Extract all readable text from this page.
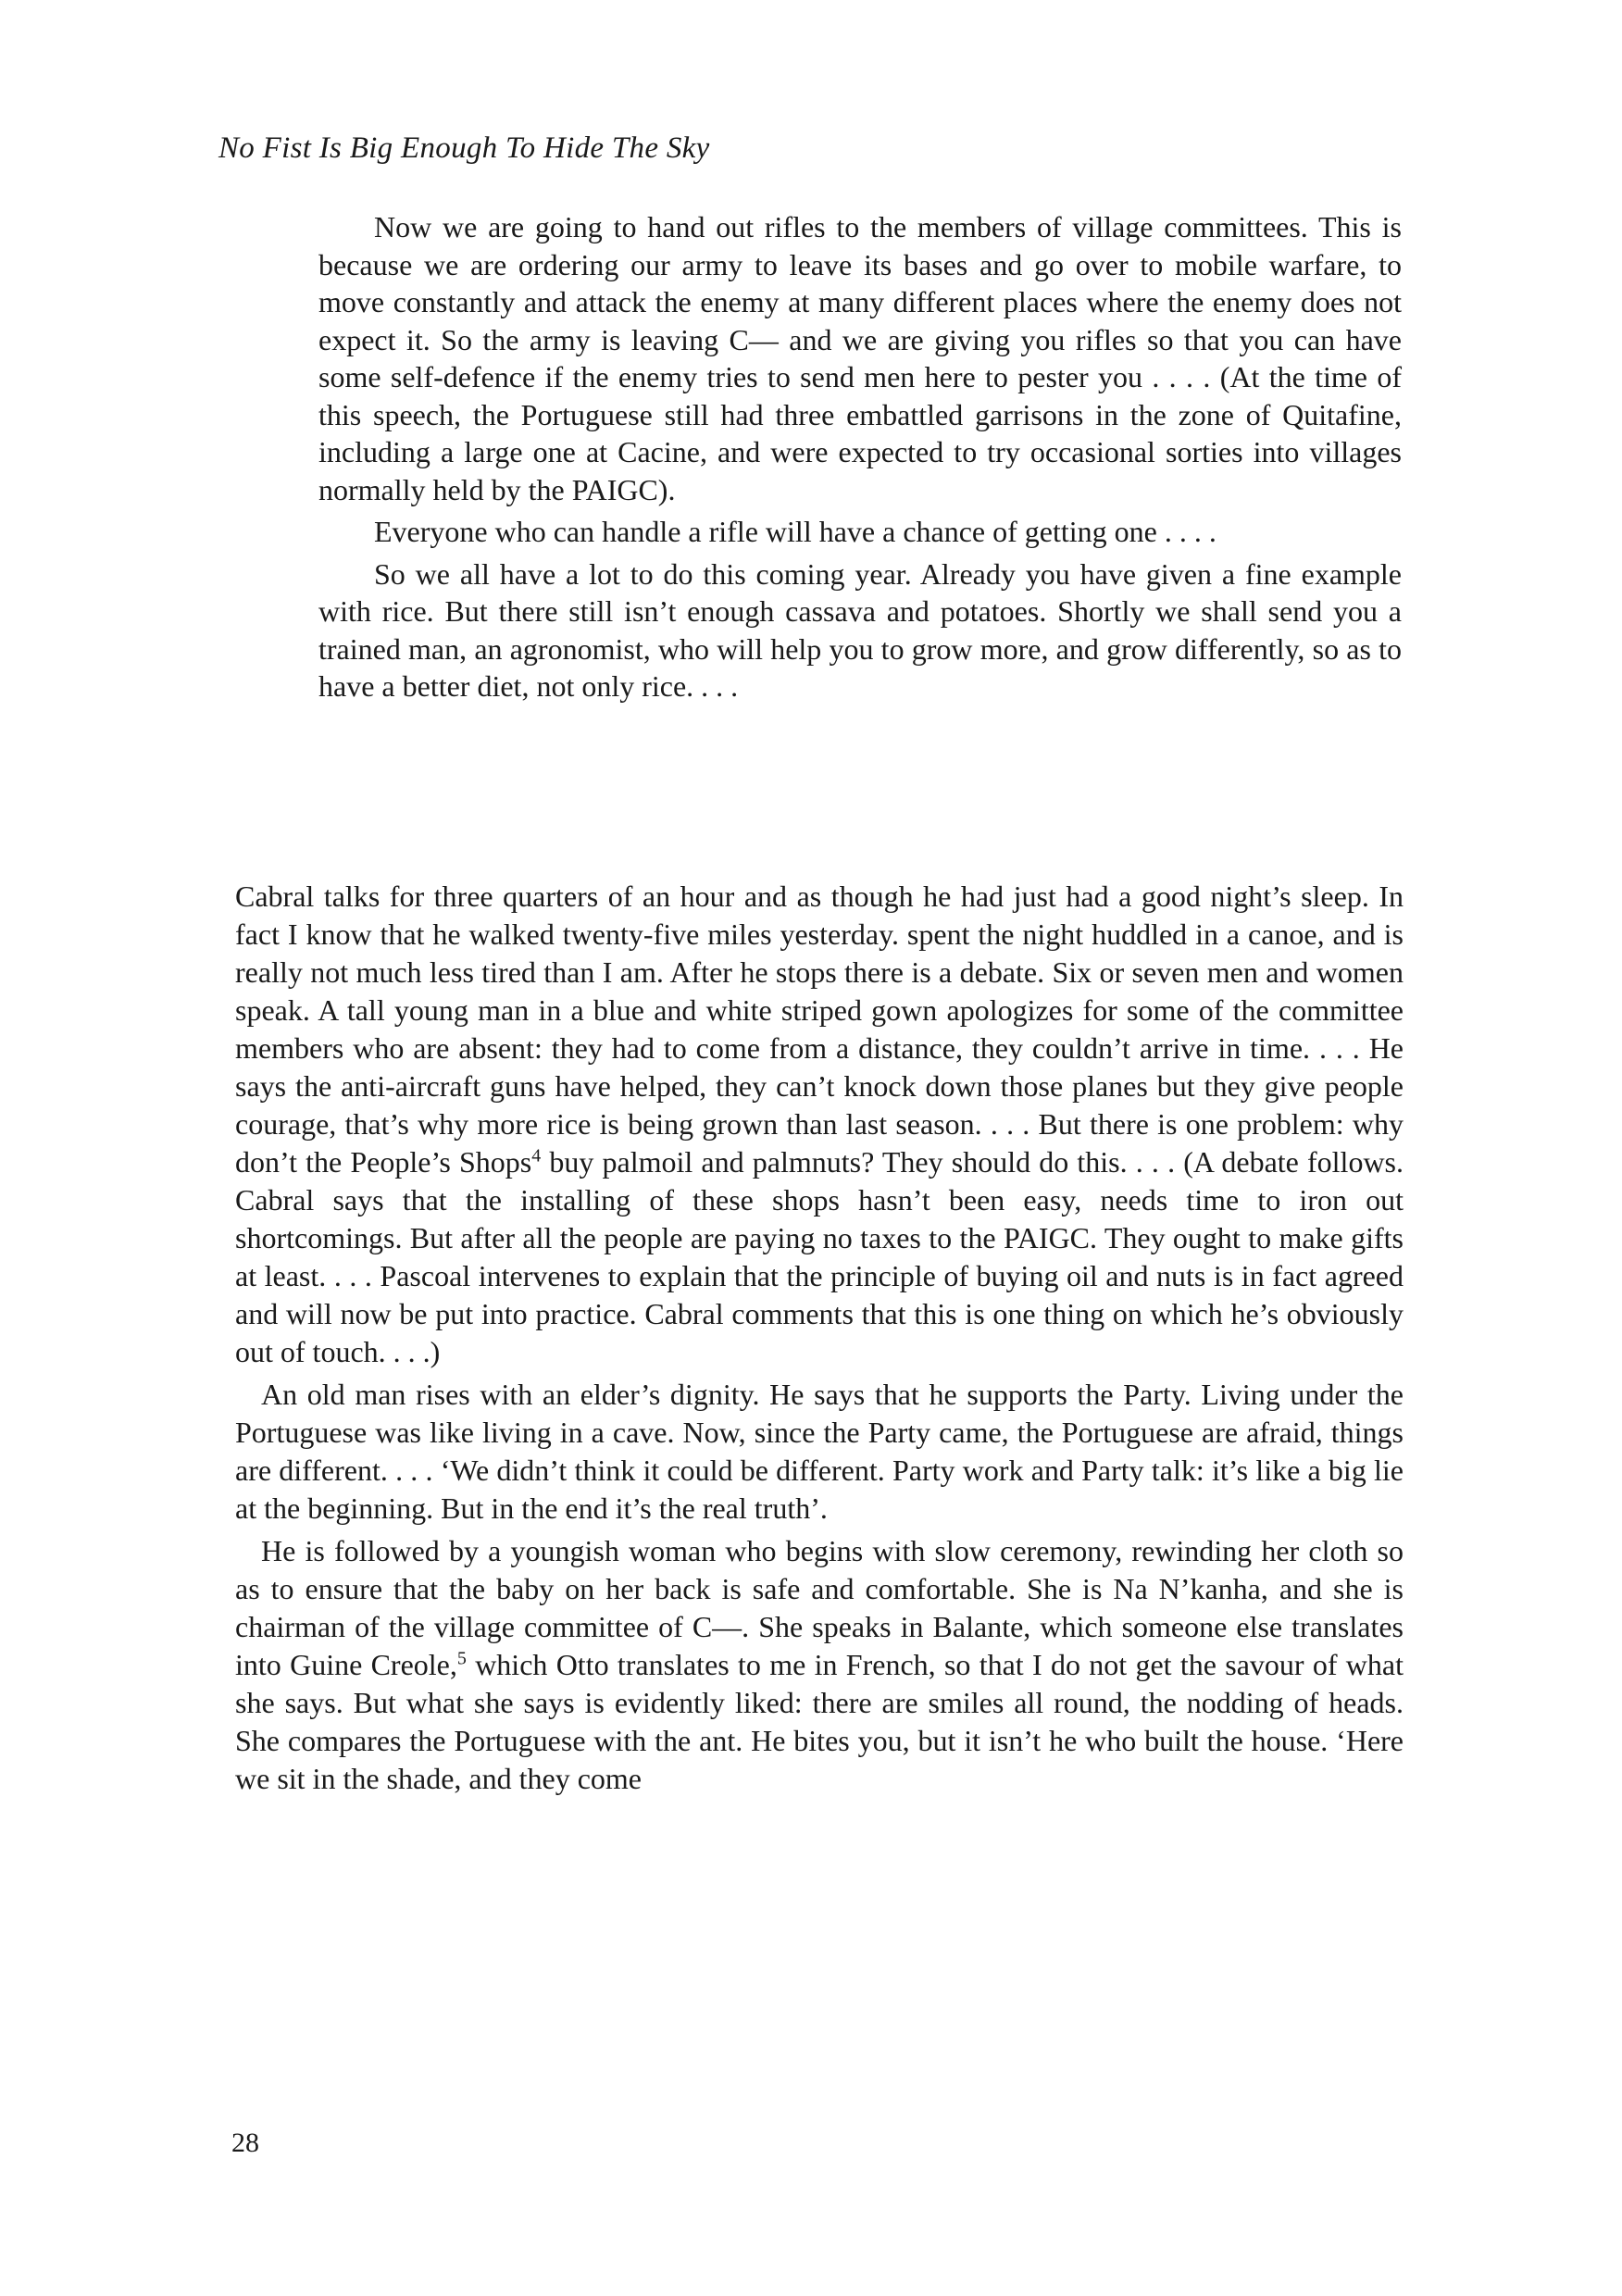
No Fist Is Big Enough To Hide The Sky

Now we are going to hand out rifles to the members of village committees. This is because we are ordering our army to leave its bases and go over to mobile warfare, to move constantly and attack the enemy at many different places where the enemy does not expect it. So the army is leaving C— and we are giving you rifles so that you can have some self-defence if the enemy tries to send men here to pester you . . . . (At the time of this speech, the Portuguese still had three embattled garrisons in the zone of Quitafine, including a large one at Cacine, and were expected to try occasional sorties into villages normally held by the PAIGC).

Everyone who can handle a rifle will have a chance of getting one . . . .

So we all have a lot to do this coming year. Already you have given a fine example with rice. But there still isn’t enough cassava and potatoes. Shortly we shall send you a trained man, an agronomist, who will help you to grow more, and grow differently, so as to have a better diet, not only rice. . . .

Cabral talks for three quarters of an hour and as though he had just had a good night’s sleep. In fact I know that he walked twenty-five miles yesterday. spent the night huddled in a canoe, and is really not much less tired than I am. After he stops there is a debate. Six or seven men and women speak. A tall young man in a blue and white striped gown apologizes for some of the committee members who are absent: they had to come from a distance, they couldn’t arrive in time. . . . He says the anti-aircraft guns have helped, they can’t knock down those planes but they give people courage, that’s why more rice is being grown than last season. . . . But there is one problem: why don’t the People’s Shops$^4$ buy palmoil and palmnuts? They should do this. . . . (A debate follows. Cabral says that the installing of these shops hasn’t been easy, needs time to iron out shortcomings. But after all the people are paying no taxes to the PAIGC. They ought to make gifts at least. . . . Pascoal intervenes to explain that the principle of buying oil and nuts is in fact agreed and will now be put into practice. Cabral comments that this is one thing on which he’s obviously out of touch. . . .)

An old man rises with an elder’s dignity. He says that he supports the Party. Living under the Portuguese was like living in a cave. Now, since the Party came, the Portuguese are afraid, things are different. . . . ‘We didn’t think it could be different. Party work and Party talk: it’s like a big lie at the beginning. But in the end it’s the real truth’.

He is followed by a youngish woman who begins with slow ceremony, rewinding her cloth so as to ensure that the baby on her back is safe and comfortable. She is Na N’kanha, and she is chairman of the village committee of C—. She speaks in Balante, which someone else translates into Guine Creole,$^5$ which Otto translates to me in French, so that I do not get the savour of what she says. But what she says is evidently liked: there are smiles all round, the nodding of heads. She compares the Portuguese with the ant. He bites you, but it isn’t he who built the house. ‘Here we sit in the shade, and they come

28
